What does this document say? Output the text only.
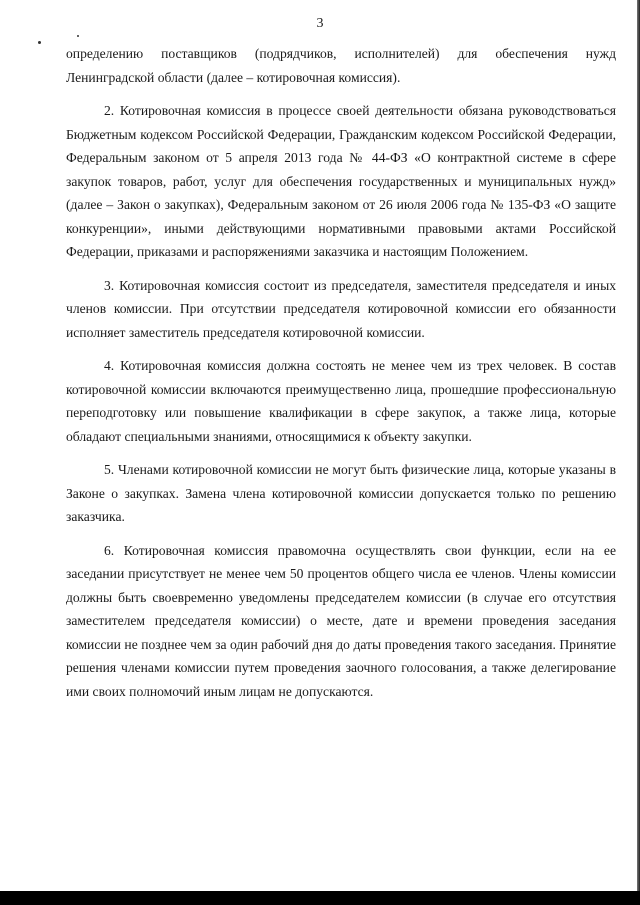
3

определению поставщиков (подрядчиков, исполнителей) для обеспечения нужд Ленинградской области (далее – котировочная комиссия).

2. Котировочная комиссия в процессе своей деятельности обязана руководствоваться Бюджетным кодексом Российской Федерации, Гражданским кодексом Российской Федерации, Федеральным законом от 5 апреля 2013 года № 44-ФЗ «О контрактной системе в сфере закупок товаров, работ, услуг для обеспечения государственных и муниципальных нужд» (далее – Закон о закупках), Федеральным законом от 26 июля 2006 года № 135-ФЗ «О защите конкуренции», иными действующими нормативными правовыми актами Российской Федерации, приказами и распоряжениями заказчика и настоящим Положением.

3. Котировочная комиссия состоит из председателя, заместителя председателя и иных членов комиссии. При отсутствии председателя котировочной комиссии его обязанности исполняет заместитель председателя котировочной комиссии.

4. Котировочная комиссия должна состоять не менее чем из трех человек. В состав котировочной комиссии включаются преимущественно лица, прошедшие профессиональную переподготовку или повышение квалификации в сфере закупок, а также лица, которые обладают специальными знаниями, относящимися к объекту закупки.

5. Членами котировочной комиссии не могут быть физические лица, которые указаны в Законе о закупках. Замена члена котировочной комиссии допускается только по решению заказчика.

6. Котировочная комиссия правомочна осуществлять свои функции, если на ее заседании присутствует не менее чем 50 процентов общего числа ее членов. Члены комиссии должны быть своевременно уведомлены председателем комиссии (в случае его отсутствия заместителем председателя комиссии) о месте, дате и времени проведения заседания комиссии не позднее чем за один рабочий дня до даты проведения такого заседания. Принятие решения членами комиссии путем проведения заочного голосования, а также делегирование ими своих полномочий иным лицам не допускаются.
